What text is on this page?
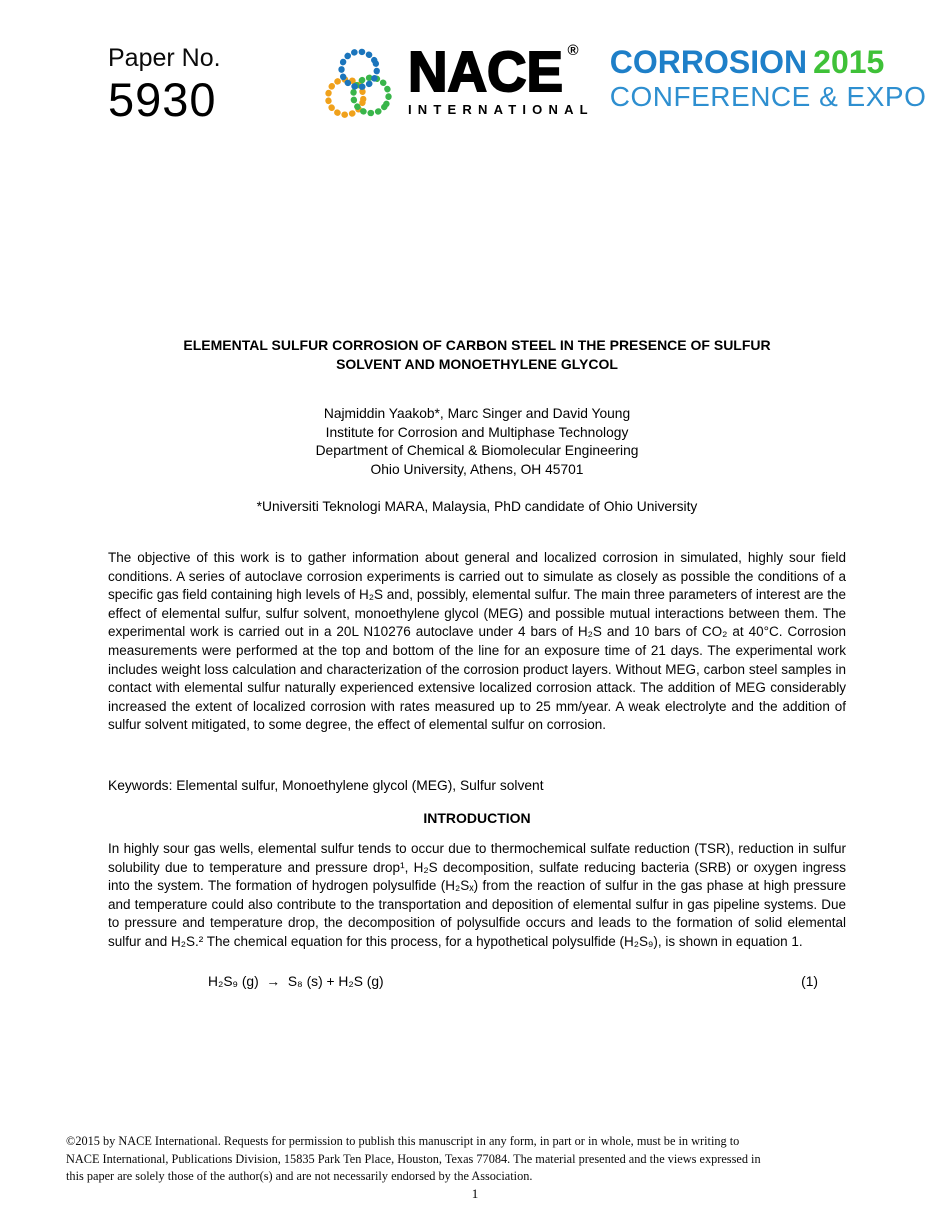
Paper No.
5930	NACE ®
INTERNATIONAL
CORROSION 2015
CONFERENCE & EXPO
ELEMENTAL SULFUR CORROSION OF CARBON STEEL IN THE PRESENCE OF SULFUR
SOLVENT AND MONOETHYLENE GLYCOL
Najmiddin Yaakob*, Marc Singer and David Young
Institute for Corrosion and Multiphase Technology
Department of Chemical & Biomolecular Engineering
Ohio University, Athens, OH 45701
*Universiti Teknologi MARA, Malaysia, PhD candidate of Ohio University

The objective of this work is to gather information about general and localized corrosion in simulated, highly sour field conditions. A series of autoclave corrosion experiments is carried out to simulate as closely as possible the conditions of a specific gas field containing high levels of H₂S and, possibly, elemental sulfur. The main three parameters of interest are the effect of elemental sulfur, sulfur solvent, monoethylene glycol (MEG) and possible mutual interactions between them. The experimental work is carried out in a 20L N10276 autoclave under 4 bars of H₂S and 10 bars of CO₂ at 40°C. Corrosion measurements were performed at the top and bottom of the line for an exposure time of 21 days. The experimental work includes weight loss calculation and characterization of the corrosion product layers. Without MEG, carbon steel samples in contact with elemental sulfur naturally experienced extensive localized corrosion attack. The addition of MEG considerably increased the extent of localized corrosion with rates measured up to 25 mm/year. A weak electrolyte and the addition of sulfur solvent mitigated, to some degree, the effect of elemental sulfur on corrosion.

Keywords: Elemental sulfur, Monoethylene glycol (MEG), Sulfur solvent
INTRODUCTION

In highly sour gas wells, elemental sulfur tends to occur due to thermochemical sulfate reduction (TSR), reduction in sulfur solubility due to temperature and pressure drop¹, H₂S decomposition, sulfate reducing bacteria (SRB) or oxygen ingress into the system. The formation of hydrogen polysulfide (H₂Sₓ) from the reaction of sulfur in the gas phase at high pressure and temperature could also contribute to the transportation and deposition of elemental sulfur in gas pipeline systems. Due to pressure and temperature drop, the decomposition of polysulfide occurs and leads to the formation of solid elemental sulfur and H₂S.² The chemical equation for this process, for a hypothetical polysulfide (H₂S₉), is shown in equation 1.

H₂S₉ (g)  →  S₈ (s) + H₂S (g)	(1)
©2015 by NACE International. Requests for permission to publish this manuscript in any form, in part or in whole, must be in writing to
NACE International, Publications Division, 15835 Park Ten Place, Houston, Texas 77084. The material presented and the views expressed in
this paper are solely those of the author(s) and are not necessarily endorsed by the Association.
1
